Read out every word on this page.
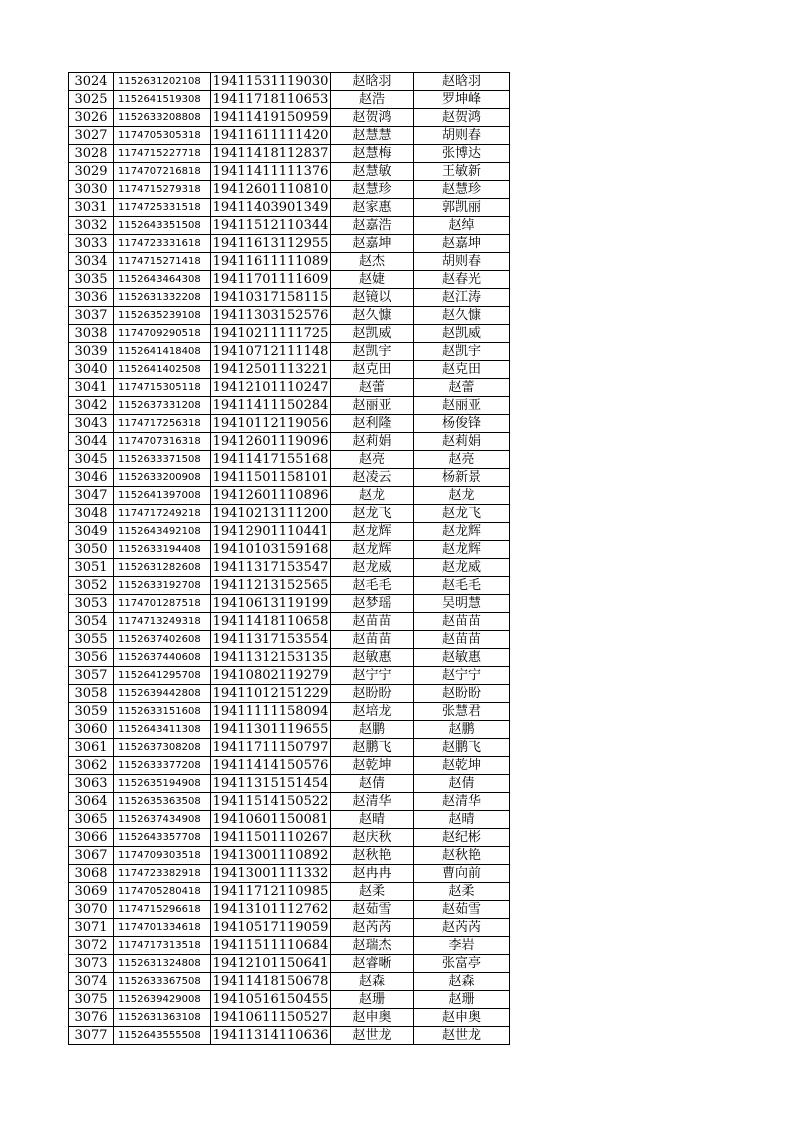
3024	1152631202108	19411531119030	赵晗羽	赵晗羽
3025	1152641519308	19411718110653	赵浩	罗坤峰
3026	1152633208808	19411419150959	赵贺鸿	赵贺鸿
3027	1174705305318	19411611111420	赵慧慧	胡则春
3028	1174715227718	19411418112837	赵慧梅	张博达
3029	1174707216818	19411411111376	赵慧敏	王敏新
3030	1174715279318	19412601110810	赵慧珍	赵慧珍
3031	1174725331518	19411403901349	赵家惠	郭凯丽
3032	1152643351508	19411512110344	赵嘉浩	赵绰
3033	1174723331618	19411613112955	赵嘉坤	赵嘉坤
3034	1174715271418	19411611111089	赵杰	胡则春
3035	1152643464308	19411701111609	赵婕	赵春光
3036	1152631332208	19410317158115	赵镜以	赵江涛
3037	1152635239108	19411303152576	赵久慷	赵久慷
3038	1174709290518	19410211111725	赵凯威	赵凯威
3039	1152641418408	19410712111148	赵凯宇	赵凯宇
3040	1152641402508	19412501113221	赵克田	赵克田
3041	1174715305118	19412101110247	赵蕾	赵蕾
3042	1152637331208	19411411150284	赵丽亚	赵丽亚
3043	1174717256318	19410112119056	赵利隆	杨俊锋
3044	1174707316318	19412601119096	赵莉娟	赵莉娟
3045	1152633371508	19411417155168	赵亮	赵亮
3046	1152633200908	19411501158101	赵凌云	杨新景
3047	1152641397008	19412601110896	赵龙	赵龙
3048	1174717249218	19410213111200	赵龙飞	赵龙飞
3049	1152643492108	19412901110441	赵龙辉	赵龙辉
3050	1152633194408	19410103159168	赵龙辉	赵龙辉
3051	1152631282608	19411317153547	赵龙威	赵龙威
3052	1152633192708	19411213152565	赵毛毛	赵毛毛
3053	1174701287518	19410613119199	赵梦瑶	吴明慧
3054	1174713249318	19411418110658	赵苗苗	赵苗苗
3055	1152637402608	19411317153554	赵苗苗	赵苗苗
3056	1152637440608	19411312153135	赵敏惠	赵敏惠
3057	1152641295708	19410802119279	赵宁宁	赵宁宁
3058	1152639442808	19411012151229	赵盼盼	赵盼盼
3059	1152633151608	19411111158094	赵培龙	张慧君
3060	1152643411308	19411301119655	赵鹏	赵鹏
3061	1152637308208	19411711150797	赵鹏飞	赵鹏飞
3062	1152633377208	19411414150576	赵乾坤	赵乾坤
3063	1152635194908	19411315151454	赵倩	赵倩
3064	1152635363508	19411514150522	赵清华	赵清华
3065	1152637434908	19410601150081	赵晴	赵晴
3066	1152643357708	19411501110267	赵庆秋	赵纪彬
3067	1174709303518	19413001110892	赵秋艳	赵秋艳
3068	1174723382918	19413001111332	赵冉冉	曹向前
3069	1174705280418	19411712110985	赵柔	赵柔
3070	1174715296618	19413101112762	赵茹雪	赵茹雪
3071	1174701334618	19410517119059	赵芮芮	赵芮芮
3072	1174717313518	19411511110684	赵瑞杰	李岩
3073	1152631324808	19412101150641	赵睿晰	张富亭
3074	1152633367508	19411418150678	赵森	赵森
3075	1152639429008	19410516150455	赵珊	赵珊
3076	1152631363108	19410611150527	赵申奥	赵申奥
3077	1152643555508	19411314110636	赵世龙	赵世龙
